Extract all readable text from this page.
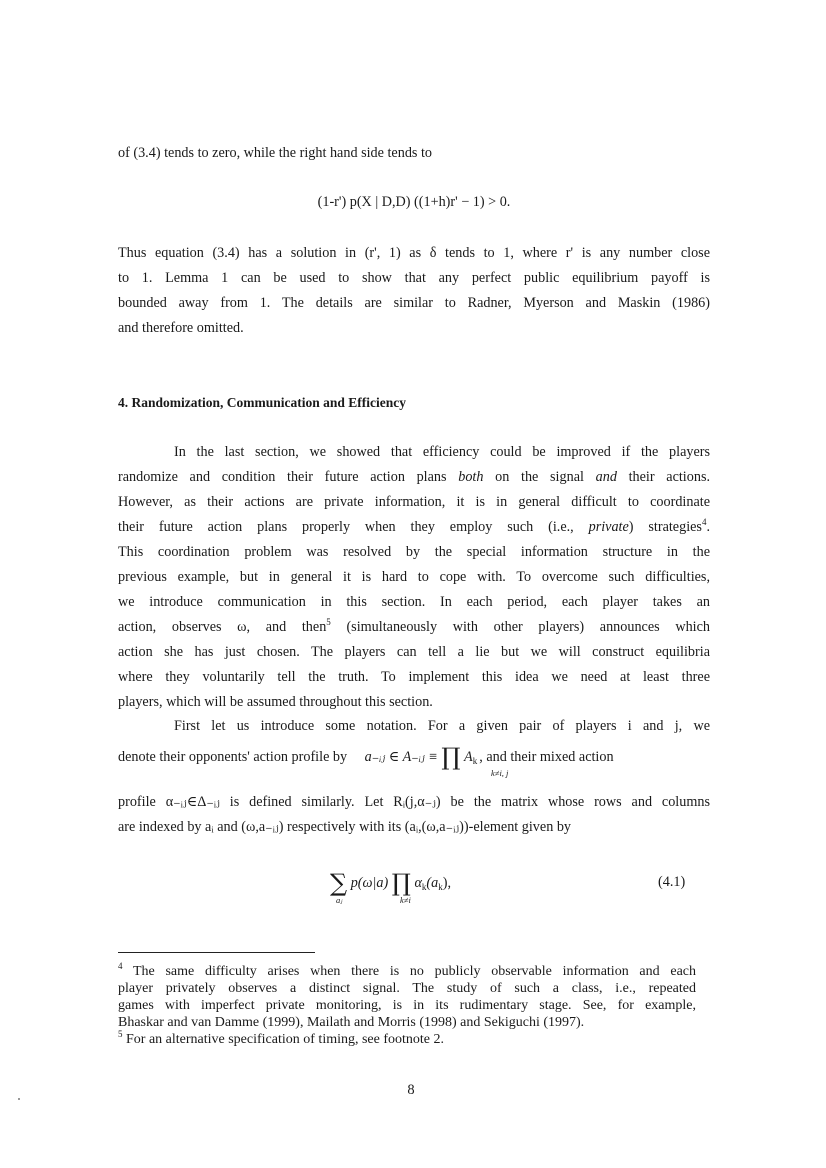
of (3.4) tends to zero, while the right hand side tends to
(1-r') p(X | D,D) ((1+h)r' − 1) > 0.
Thus equation (3.4) has a solution in (r', 1) as δ tends to 1, where r' is any number close
to 1. Lemma 1 can be used to show that any perfect public equilibrium payoff is
bounded away from 1. The details are similar to Radner, Myerson and Maskin (1986)
and therefore omitted.
4. Randomization, Communication and Efficiency
In the last section, we showed that efficiency could be improved if the players
randomize and condition their future action plans both on the signal and their actions.
However, as their actions are private information, it is in general difficult to coordinate
their future action plans properly when they employ such (i.e., private) strategies$^4$.
This coordination problem was resolved by the special information structure in the
previous example, but in general it is hard to cope with. To overcome such difficulties,
we introduce communication in this section. In each period, each player takes an
action, observes ω, and then$^5$ (simultaneously with other players) announces which
action she has just chosen. The players can tell a lie but we will construct equilibria
where they voluntarily tell the truth. To implement this idea we need at least three
players, which will be assumed throughout this section.
First let us introduce some notation. For a given pair of players i and j, we
denote their opponents' action profile by a₋ᵢⱼ ∈ A₋ᵢⱼ ≡ ∏ $A_k$ , and their mixed action
k≠i, j
profile α₋ᵢⱼ∈Δ₋ᵢⱼ is defined similarly. Let Rᵢ(j,α₋ⱼ) be the matrix whose rows and columns
are indexed by aᵢ and (ω,a₋ᵢⱼ) respectively with its (aᵢ,(ω,a₋ᵢⱼ))-element given by
∑ p(ω|a) ∏ $\alpha_k(a_k)$,
aⱼ	k≠i
(4.1)
$^4$ The same difficulty arises when there is no publicly observable information and each
player privately observes a distinct signal. The study of such a class, i.e., repeated
games with imperfect private monitoring, is in its rudimentary stage. See, for example,
Bhaskar and van Damme (1999), Mailath and Morris (1998) and Sekiguchi (1997).
$^5$ For an alternative specification of timing, see footnote 2.
8
